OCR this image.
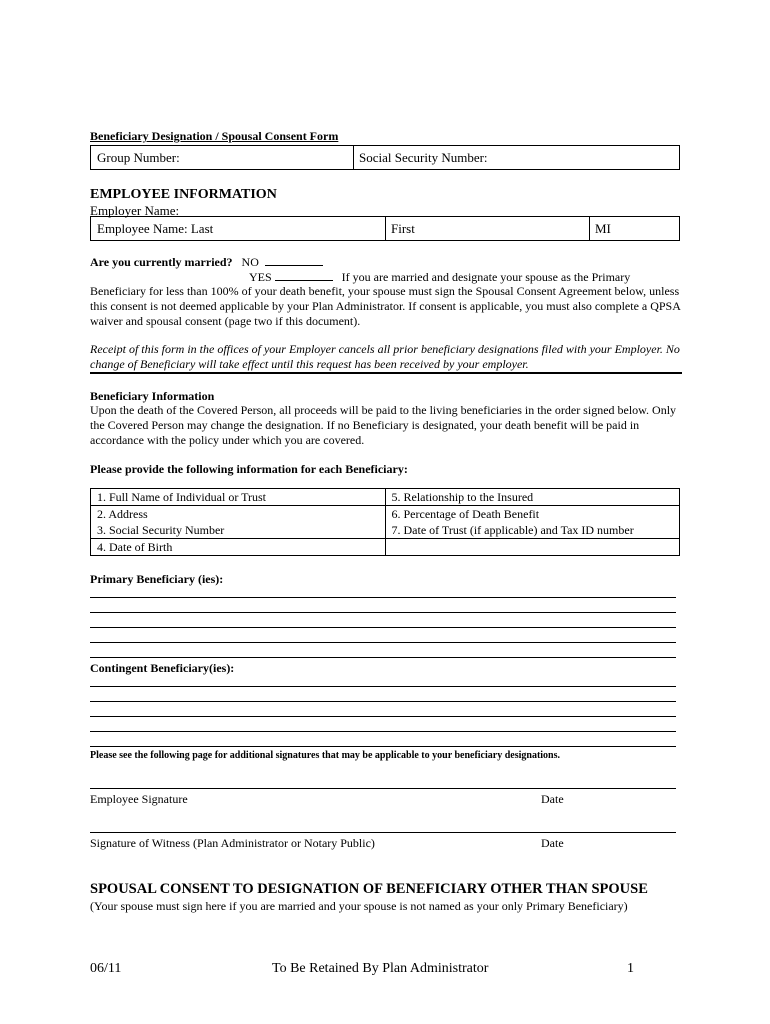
Beneficiary Designation / Spousal Consent Form
Group Number:	Social Security Number:
EMPLOYEE INFORMATION
Employer Name:
Employee Name: Last	First	MI
Are you currently married? NO
YES	If you are married and designate your spouse as the Primary
Beneficiary for less than 100% of your death benefit, your spouse must sign the Spousal Consent Agreement below, unless this consent is not deemed applicable by your Plan Administrator. If consent is applicable, you must also complete a QPSA waiver and spousal consent (page two if this document).
Receipt of this form in the offices of your Employer cancels all prior beneficiary designations filed with your Employer. No change of Beneficiary will take effect until this request has been received by your employer.
Beneficiary Information
Upon the death of the Covered Person, all proceeds will be paid to the living beneficiaries in the order signed below. Only the Covered Person may change the designation. If no Beneficiary is designated, your death benefit will be paid in accordance with the policy under which you are covered.
Please provide the following information for each Beneficiary:
1. Full Name of Individual or Trust	5. Relationship to the Insured
2. Address	6. Percentage of Death Benefit
3. Social Security Number	7. Date of Trust (if applicable) and Tax ID number
4. Date of Birth	
Primary Beneficiary (ies):
Contingent Beneficiary(ies):
Please see the following page for additional signatures that may be applicable to your beneficiary designations.
Employee Signature	Date
Signature of Witness (Plan Administrator or Notary Public)	Date
SPOUSAL CONSENT TO DESIGNATION OF BENEFICIARY OTHER THAN SPOUSE
(Your spouse must sign here if you are married and your spouse is not named as your only Primary Beneficiary)
06/11	To Be Retained By Plan Administrator	1
